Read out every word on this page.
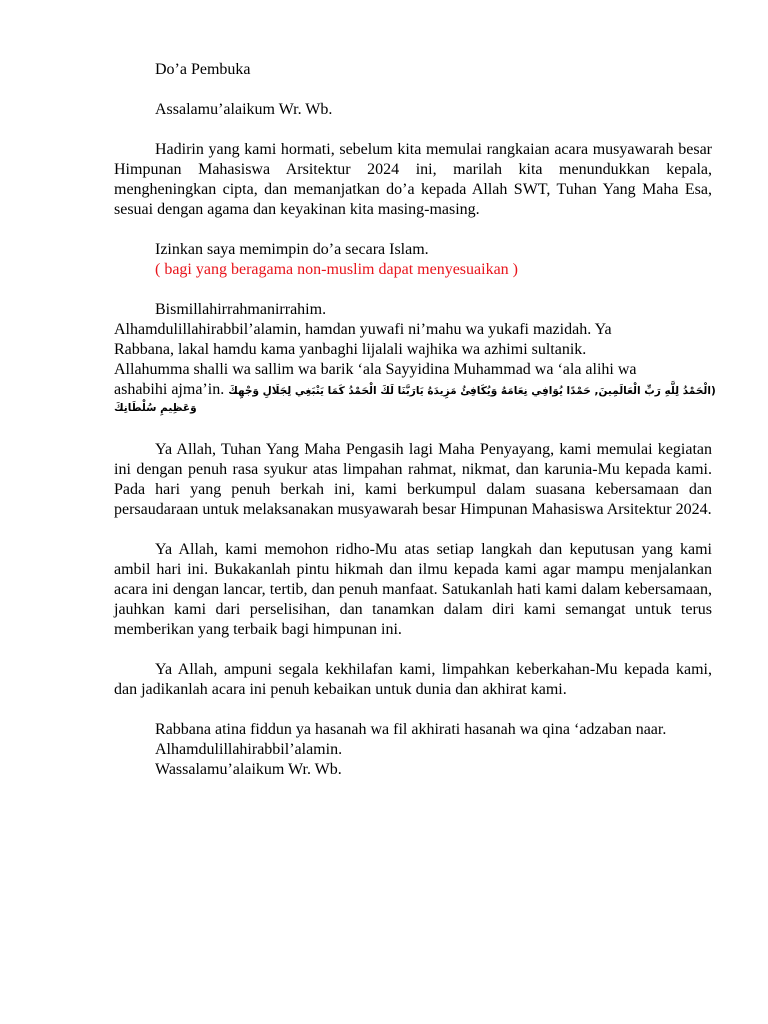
Do’a Pembuka

Assalamu’alaikum Wr. Wb.

Hadirin yang kami hormati, sebelum kita memulai rangkaian acara musyawarah besar Himpunan Mahasiswa Arsitektur 2024 ini, marilah kita menundukkan kepala, mengheningkan cipta, dan memanjatkan do’a kepada Allah SWT, Tuhan Yang Maha Esa, sesuai dengan agama dan keyakinan kita masing-masing.

Izinkan saya memimpin do’a secara Islam.

( bagi yang beragama non-muslim dapat menyesuaikan )

Bismillahirrahmanirrahim.

Alhamdulillahirabbil’alamin, hamdan yuwafi ni’mahu wa yukafi mazidah. Ya

Rabbana, lakal hamdu kama yanbaghi lijalali wajhika wa azhimi sultanik.

Allahumma shalli wa sallim wa barik ‘ala Sayyidina Muhammad wa ‘ala alihi wa

ashabihi ajma’in. (الْحَمْدُ لِلَّهِ رَبِّ الْعَالَمِينَ, حَمْدًا يُوَافِي نِعَامَهُ وَيُكَافِئُ مَزِيدَهُ يَارَبَّنَا لَكَ الْحَمْدُ كَمَا يَنْبَغِي لِجَلَالِ وَجْهِكَ

وَعَظِيمِ سُلْطَانِكَ

Ya Allah, Tuhan Yang Maha Pengasih lagi Maha Penyayang, kami memulai kegiatan ini dengan penuh rasa syukur atas limpahan rahmat, nikmat, dan karunia-Mu kepada kami. Pada hari yang penuh berkah ini, kami berkumpul dalam suasana kebersamaan dan persaudaraan untuk melaksanakan musyawarah besar Himpunan Mahasiswa Arsitektur 2024.

Ya Allah, kami memohon ridho-Mu atas setiap langkah dan keputusan yang kami ambil hari ini. Bukakanlah pintu hikmah dan ilmu kepada kami agar mampu menjalankan acara ini dengan lancar, tertib, dan penuh manfaat. Satukanlah hati kami dalam kebersamaan, jauhkan kami dari perselisihan, dan tanamkan dalam diri kami semangat untuk terus memberikan yang terbaik bagi himpunan ini.

Ya Allah, ampuni segala kekhilafan kami, limpahkan keberkahan-Mu kepada kami, dan jadikanlah acara ini penuh kebaikan untuk dunia dan akhirat kami.

Rabbana atina fiddun ya hasanah wa fil akhirati hasanah wa qina ‘adzaban naar.

Alhamdulillahirabbil’alamin.

Wassalamu’alaikum Wr. Wb.
